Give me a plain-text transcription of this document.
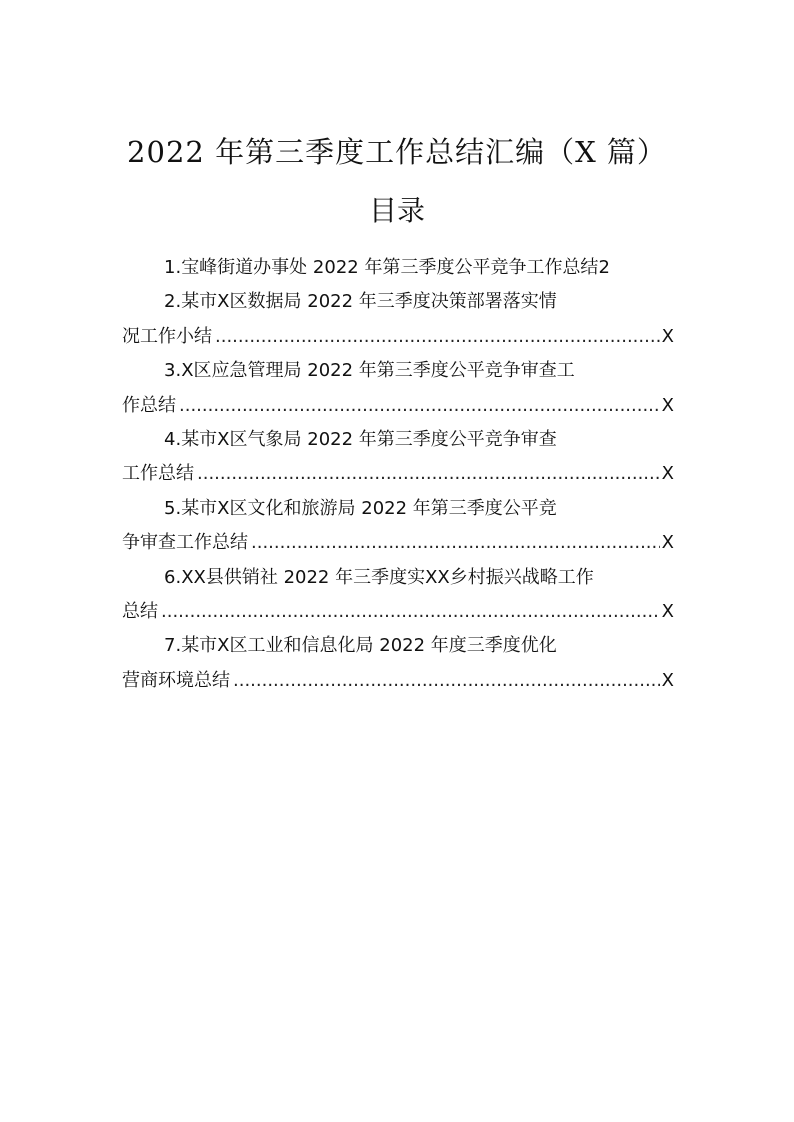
2022 年第三季度工作总结汇编（X 篇）
目录
1. 宝峰街道办事处 2022 年第三季度公平竞争工作总结 2
2. 某市X区数据局 2022 年三季度决策部署落实情
况工作小结 .....	X
3. X区应急管理局 2022 年第三季度公平竞争审查工
作总结 .....	X
4. 某市X区气象局 2022 年第三季度公平竞争审查
工作总结 .....	X
5. 某市X区文化和旅游局 2022 年第三季度公平竞
争审查工作总结 .....	X
6. XX县供销社 2022 年三季度实XX乡村振兴战略工作
总结 .....	X
7. 某市X区工业和信息化局 2022 年度三季度优化
营商环境总结 .....	X
